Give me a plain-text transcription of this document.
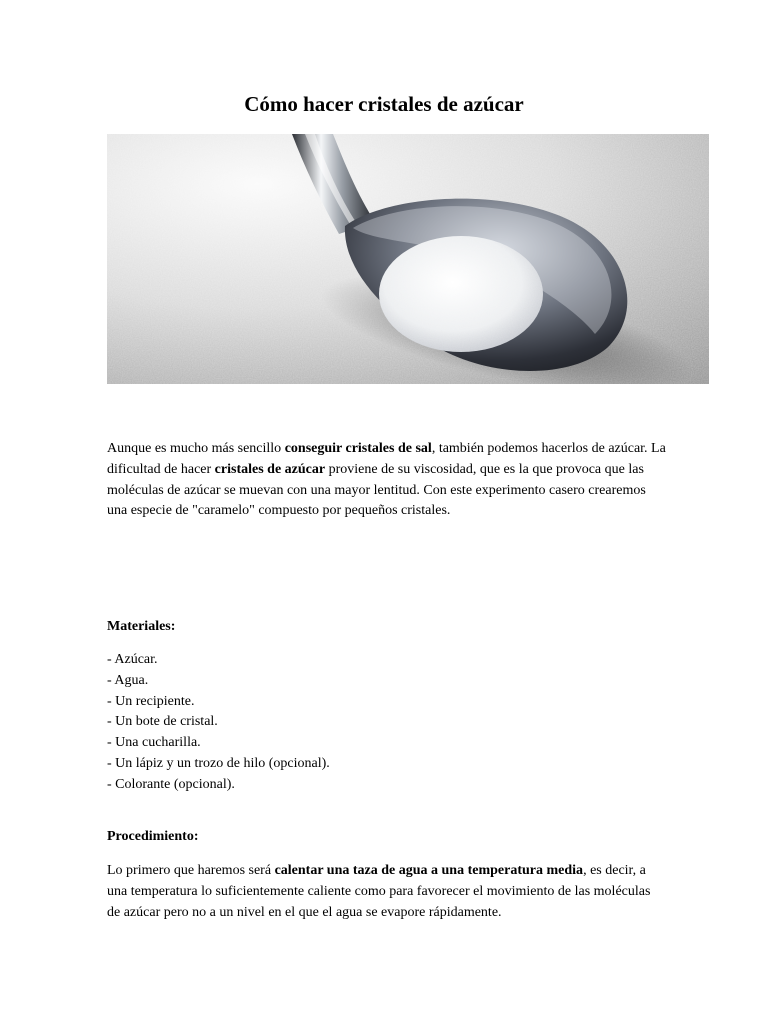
Cómo hacer cristales de azúcar
Aunque es mucho más sencillo conseguir cristales de sal, también podemos hacerlos de azúcar. La dificultad de hacer cristales de azúcar proviene de su viscosidad, que es la que provoca que las moléculas de azúcar se muevan con una mayor lentitud. Con este experimento casero crearemos una especie de "caramelo" compuesto por pequeños cristales.
Materiales:
- Azúcar.
- Agua.
- Un recipiente.
- Un bote de cristal.
- Una cucharilla.
- Un lápiz y un trozo de hilo (opcional).
- Colorante (opcional).
Procedimiento:
Lo primero que haremos será calentar una taza de agua a una temperatura media, es decir, a una temperatura lo suficientemente caliente como para favorecer el movimiento de las moléculas de azúcar pero no a un nivel en el que el agua se evapore rápidamente.
